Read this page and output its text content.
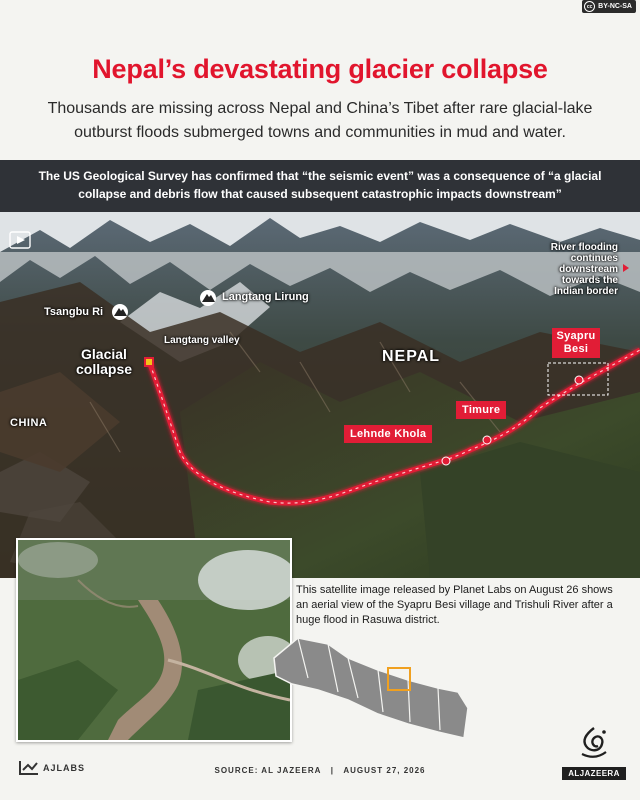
cc BY-NC-SA
Nepal’s devastating glacier collapse

Thousands are missing across Nepal and China’s Tibet after rare glacial-lake outburst floods submerged towns and communities in mud and water.

The US Geological Survey has confirmed that “the seismic event” was a consequence of “a glacial collapse and debris flow that caused subsequent catastrophic impacts downstream”

Tsangbu Ri
Langtang Lirung
Langtang valley
Glacial collapse
NEPAL
CHINA
Syapru Besi
Timure
Lehnde Khola
River flooding continues downstream towards the Indian border

This satellite image released by Planet Labs on August 26 shows an aerial view of the Syapru Besi village and Trishuli River after a huge flood in Rasuwa district.

AJLABS	SOURCE: AL JAZEERA   |   AUGUST 27, 2026	ALJAZEERA
